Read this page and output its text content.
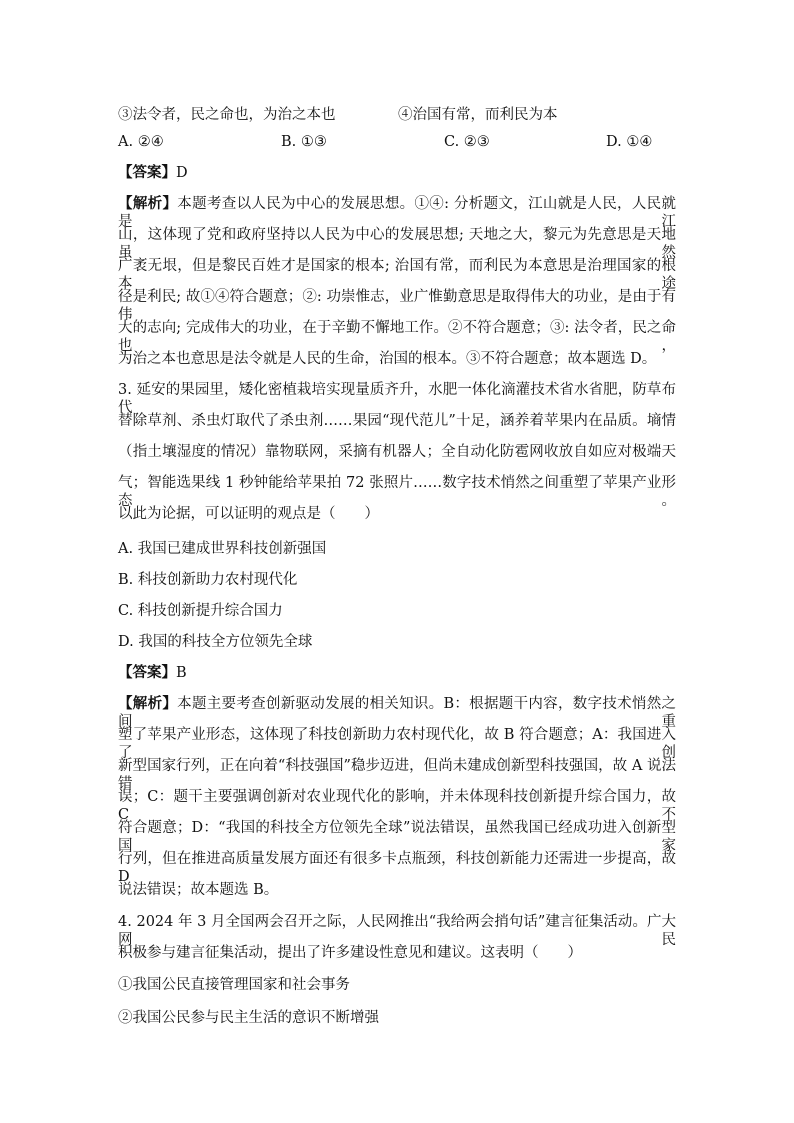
③法令者，民之命也，为治之本也	④治国有常，而利民为本
A. ②④	B. ①③	C. ②③	D. ①④
【答案】D
【解析】本题考查以人民为中心的发展思想。①④: 分析题文，江山就是人民，人民就是江
山，这体现了党和政府坚持以人民为中心的发展思想; 天地之大，黎元为先意思是天地虽然
广袤无垠，但是黎民百姓才是国家的根本; 治国有常，而利民为本意思是治理国家的根本途
径是利民; 故①④符合题意；②: 功崇惟志，业广惟勤意思是取得伟大的功业，是由于有伟
大的志向; 完成伟大的功业，在于辛勤不懈地工作。②不符合题意；③: 法令者，民之命也，
为治之本也意思是法令就是人民的生命，治国的根本。③不符合题意；故本题选 D。
3. 延安的果园里，矮化密植栽培实现量质齐升，水肥一体化滴灌技术省水省肥，防草布代
替除草剂、杀虫灯取代了杀虫剂……果园“现代范儿”十足，涵养着苹果内在品质。墒情
（指土壤湿度的情况）靠物联网，采摘有机器人；全自动化防雹网收放自如应对极端天
气；智能选果线 1 秒钟能给苹果拍 72 张照片……数字技术悄然之间重塑了苹果产业形态。
以此为论据，可以证明的观点是（　　）
A. 我国已建成世界科技创新强国
B. 科技创新助力农村现代化
C. 科技创新提升综合国力
D. 我国的科技全方位领先全球
【答案】B
【解析】本题主要考查创新驱动发展的相关知识。B：根据题干内容，数字技术悄然之间重
塑了苹果产业形态，这体现了科技创新助力农村现代化，故 B 符合题意；A：我国进入了创
新型国家行列，正在向着“科技强国”稳步迈进，但尚未建成创新型科技强国，故 A 说法错
误；C：题干主要强调创新对农业现代化的影响，并未体现科技创新提升综合国力，故 C 不
符合题意；D：“我国的科技全方位领先全球”说法错误，虽然我国已经成功进入创新型国家
行列，但在推进高质量发展方面还有很多卡点瓶颈，科技创新能力还需进一步提高，故 D
说法错误；故本题选 B。
4. 2024 年 3 月全国两会召开之际，人民网推出“我给两会捎句话”建言征集活动。广大网民
积极参与建言征集活动，提出了许多建设性意见和建议。这表明（　　）
①我国公民直接管理国家和社会事务
②我国公民参与民主生活的意识不断增强
